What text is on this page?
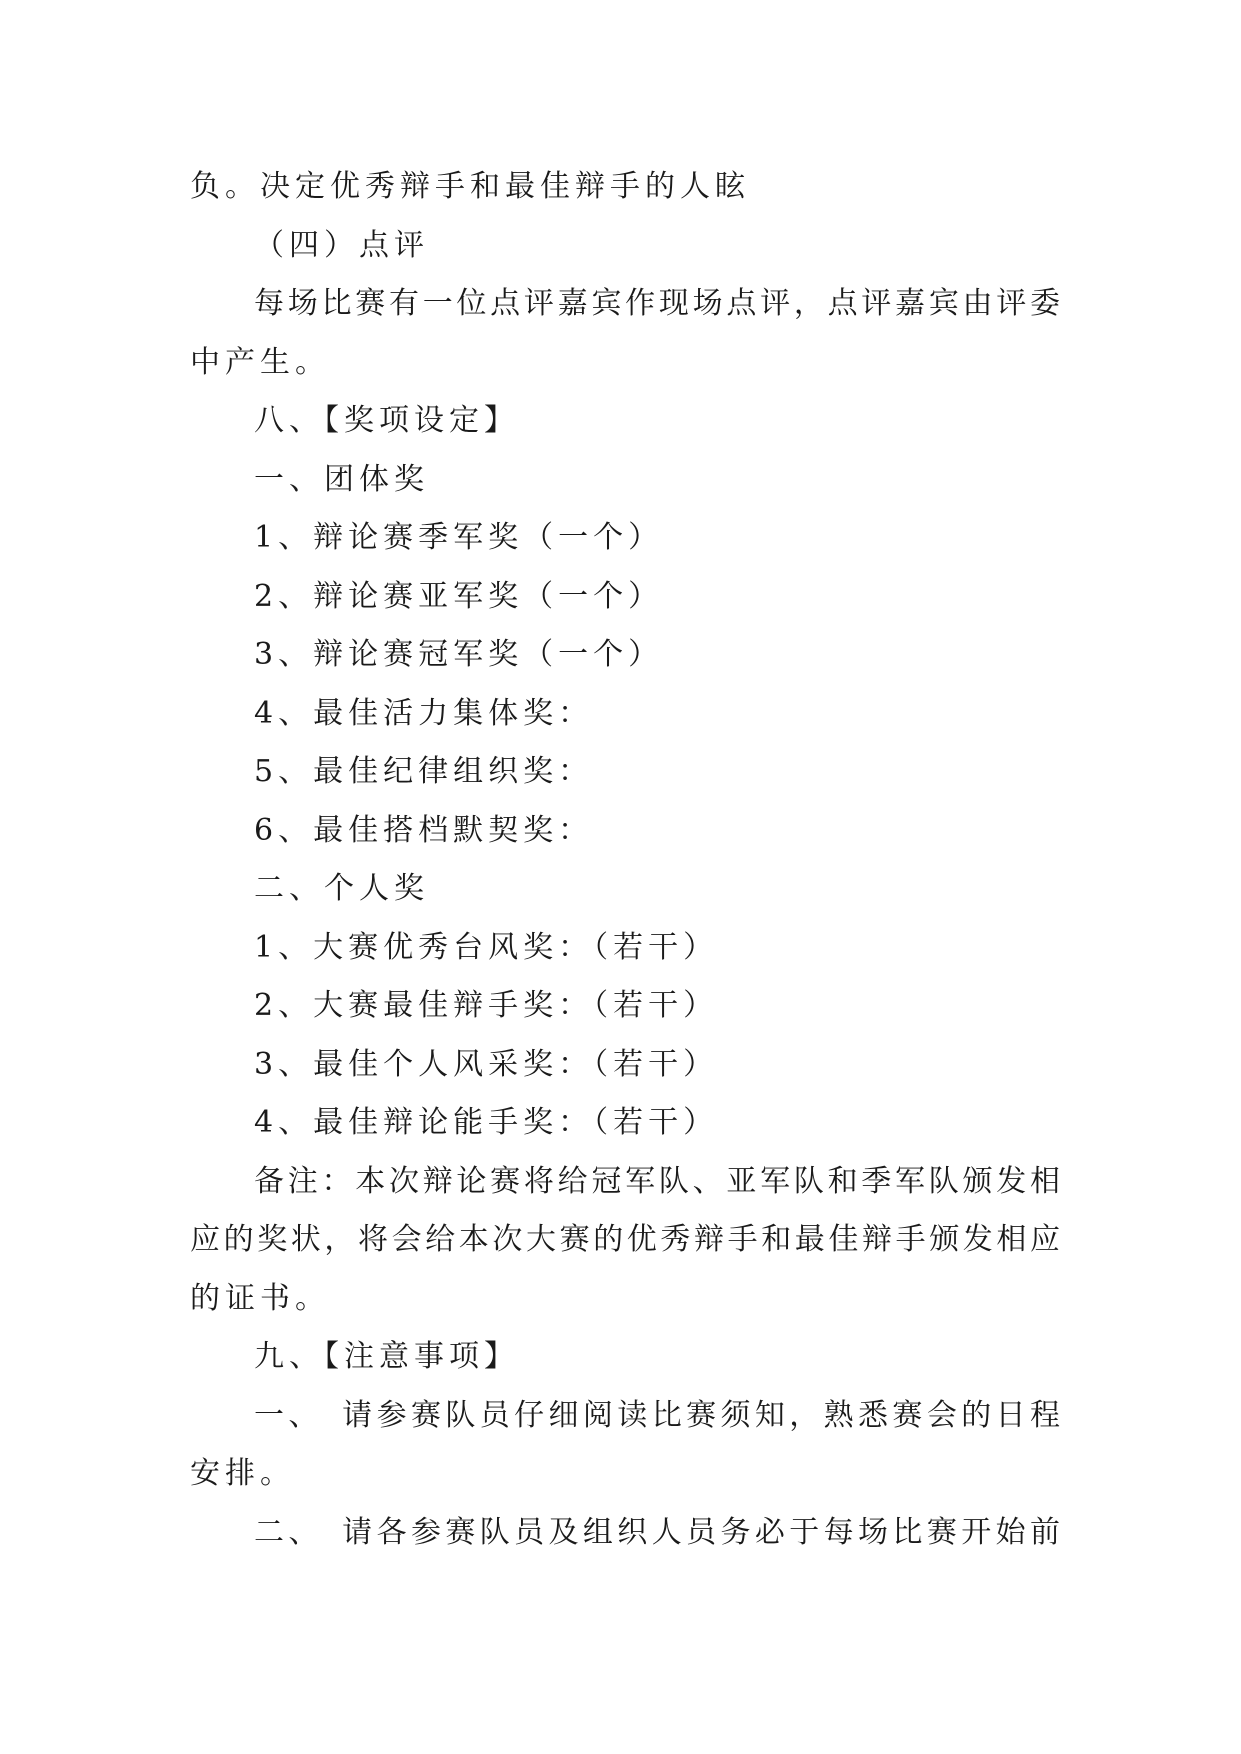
负。决定优秀辩手和最佳辩手的人眩
（四）点评
每场比赛有一位点评嘉宾作现场点评，点评嘉宾由评委
中产生。
八、【奖项设定】
一、团体奖
1、辩论赛季军奖（一个）
2、辩论赛亚军奖（一个）
3、辩论赛冠军奖（一个）
4、最佳活力集体奖：
5、最佳纪律组织奖：
6、最佳搭档默契奖：
二、个人奖
1、大赛优秀台风奖：（若干）
2、大赛最佳辩手奖：（若干）
3、最佳个人风采奖：（若干）
4、最佳辩论能手奖：（若干）
备注：本次辩论赛将给冠军队、亚军队和季军队颁发相
应的奖状，将会给本次大赛的优秀辩手和最佳辩手颁发相应
的证书。
九、【注意事项】
一、　请参赛队员仔细阅读比赛须知，熟悉赛会的日程
安排。
二、　请各参赛队员及组织人员务必于每场比赛开始前
